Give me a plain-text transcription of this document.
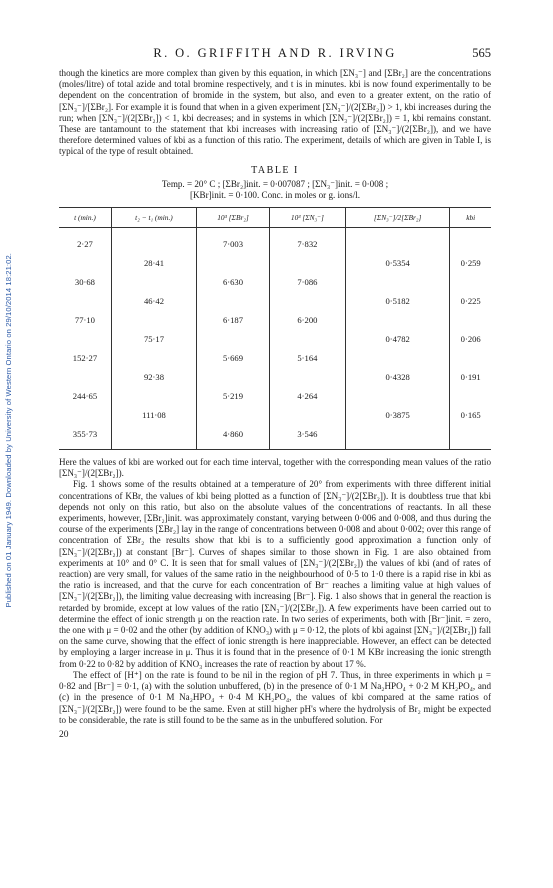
Published on 01 January 1949. Downloaded by University of Western Ontario on 29/10/2014 18:21:02.
R. O. GRIFFITH AND R. IRVING	565

though the kinetics are more complex than given by this equation, in which [ΣN₃⁻] and [ΣBr₂] are the concentrations (moles/litre) of total azide and total bromine respectively, and t is in minutes. kbi is now found experimentally to be dependent on the concentration of bromide in the system, but also, and even to a greater extent, on the ratio of [ΣN₃⁻]/[ΣBr₂]. For example it is found that when in a given experiment [ΣN₃⁻]/(2[ΣBr₂]) > 1, kbi increases during the run; when [ΣN₃⁻]/(2[ΣBr₂]) < 1, kbi decreases; and in systems in which [ΣN₃⁻]/(2[ΣBr₂]) = 1, kbi remains constant. These are tantamount to the statement that kbi increases with increasing ratio of [ΣN₃⁻]/(2[ΣBr₂]), and we have therefore determined values of kbi as a function of this ratio. The experiment, details of which are given in Table I, is typical of the type of result obtained.

TABLE I
Temp. = 20° C ; [ΣBr₂]init. = 0·007087 ; [ΣN₃⁻]init. = 0·008 ;
[KBr]init. = 0·100. Conc. in moles or g. ions/l.
t (min.)	t₂ − t₁ (min.)	10³ [ΣBr₂]	10³ [ΣN₃⁻]	[ΣN₃⁻]/2[ΣBr₂]	kbi
2·27		7·003	7·832		
	28·41			0·5354	0·259
30·68		6·630	7·086		
	46·42			0·5182	0·225
77·10		6·187	6·200		
	75·17			0·4782	0·206
152·27		5·669	5·164		
	92·38			0·4328	0·191
244·65		5·219	4·264		
	111·08			0·3875	0·165
355·73		4·860	3·546		

Here the values of kbi are worked out for each time interval, together with the corresponding mean values of the ratio [ΣN₃⁻]/(2[ΣBr₂]).

Fig. 1 shows some of the results obtained at a temperature of 20° from experiments with three different initial concentrations of KBr, the values of kbi being plotted as a function of [ΣN₃⁻]/(2[ΣBr₂]). It is doubtless true that kbi depends not only on this ratio, but also on the absolute values of the concentrations of reactants. In all these experiments, however, [ΣBr₂]init. was approximately constant, varying between 0·006 and 0·008, and thus during the course of the experiments [ΣBr₂] lay in the range of concentrations between 0·008 and about 0·002; over this range of concentration of ΣBr₂ the results show that kbi is to a sufficiently good approximation a function only of [ΣN₃⁻]/(2[ΣBr₂]) at constant [Br⁻]. Curves of shapes similar to those shown in Fig. 1 are also obtained from experiments at 10° and 0° C. It is seen that for small values of [ΣN₃⁻]/(2[ΣBr₂]) the values of kbi (and of rates of reaction) are very small, for values of the same ratio in the neighbourhood of 0·5 to 1·0 there is a rapid rise in kbi as the ratio is increased, and that the curve for each concentration of Br⁻ reaches a limiting value at high values of [ΣN₃⁻]/(2[ΣBr₂]), the limiting value decreasing with increasing [Br⁻]. Fig. 1 also shows that in general the reaction is retarded by bromide, except at low values of the ratio [ΣN₃⁻]/(2[ΣBr₂]). A few experiments have been carried out to determine the effect of ionic strength μ on the reaction rate. In two series of experiments, both with [Br⁻]init. = zero, the one with μ = 0·02 and the other (by addition of KNO₃) with μ = 0·12, the plots of kbi against [ΣN₃⁻]/(2[ΣBr₂]) fall on the same curve, showing that the effect of ionic strength is here inappreciable. However, an effect can be detected by employing a larger increase in μ. Thus it is found that in the presence of 0·1 M KBr increasing the ionic strength from 0·22 to 0·82 by addition of KNO₃ increases the rate of reaction by about 17 %.

The effect of [H⁺] on the rate is found to be nil in the region of pH 7. Thus, in three experiments in which μ = 0·82 and [Br⁻] = 0·1, (a) with the solution unbuffered, (b) in the presence of 0·1 M Na₂HPO₄ + 0·2 M KH₂PO₄, and (c) in the presence of 0·1 M Na₂HPO₄ + 0·4 M KH₂PO₄, the values of kbi compared at the same ratios of [ΣN₃⁻]/(2[ΣBr₂]) were found to be the same. Even at still higher pH's where the hydrolysis of Br₂ might be expected to be considerable, the rate is still found to be the same as in the unbuffered solution. For

20
